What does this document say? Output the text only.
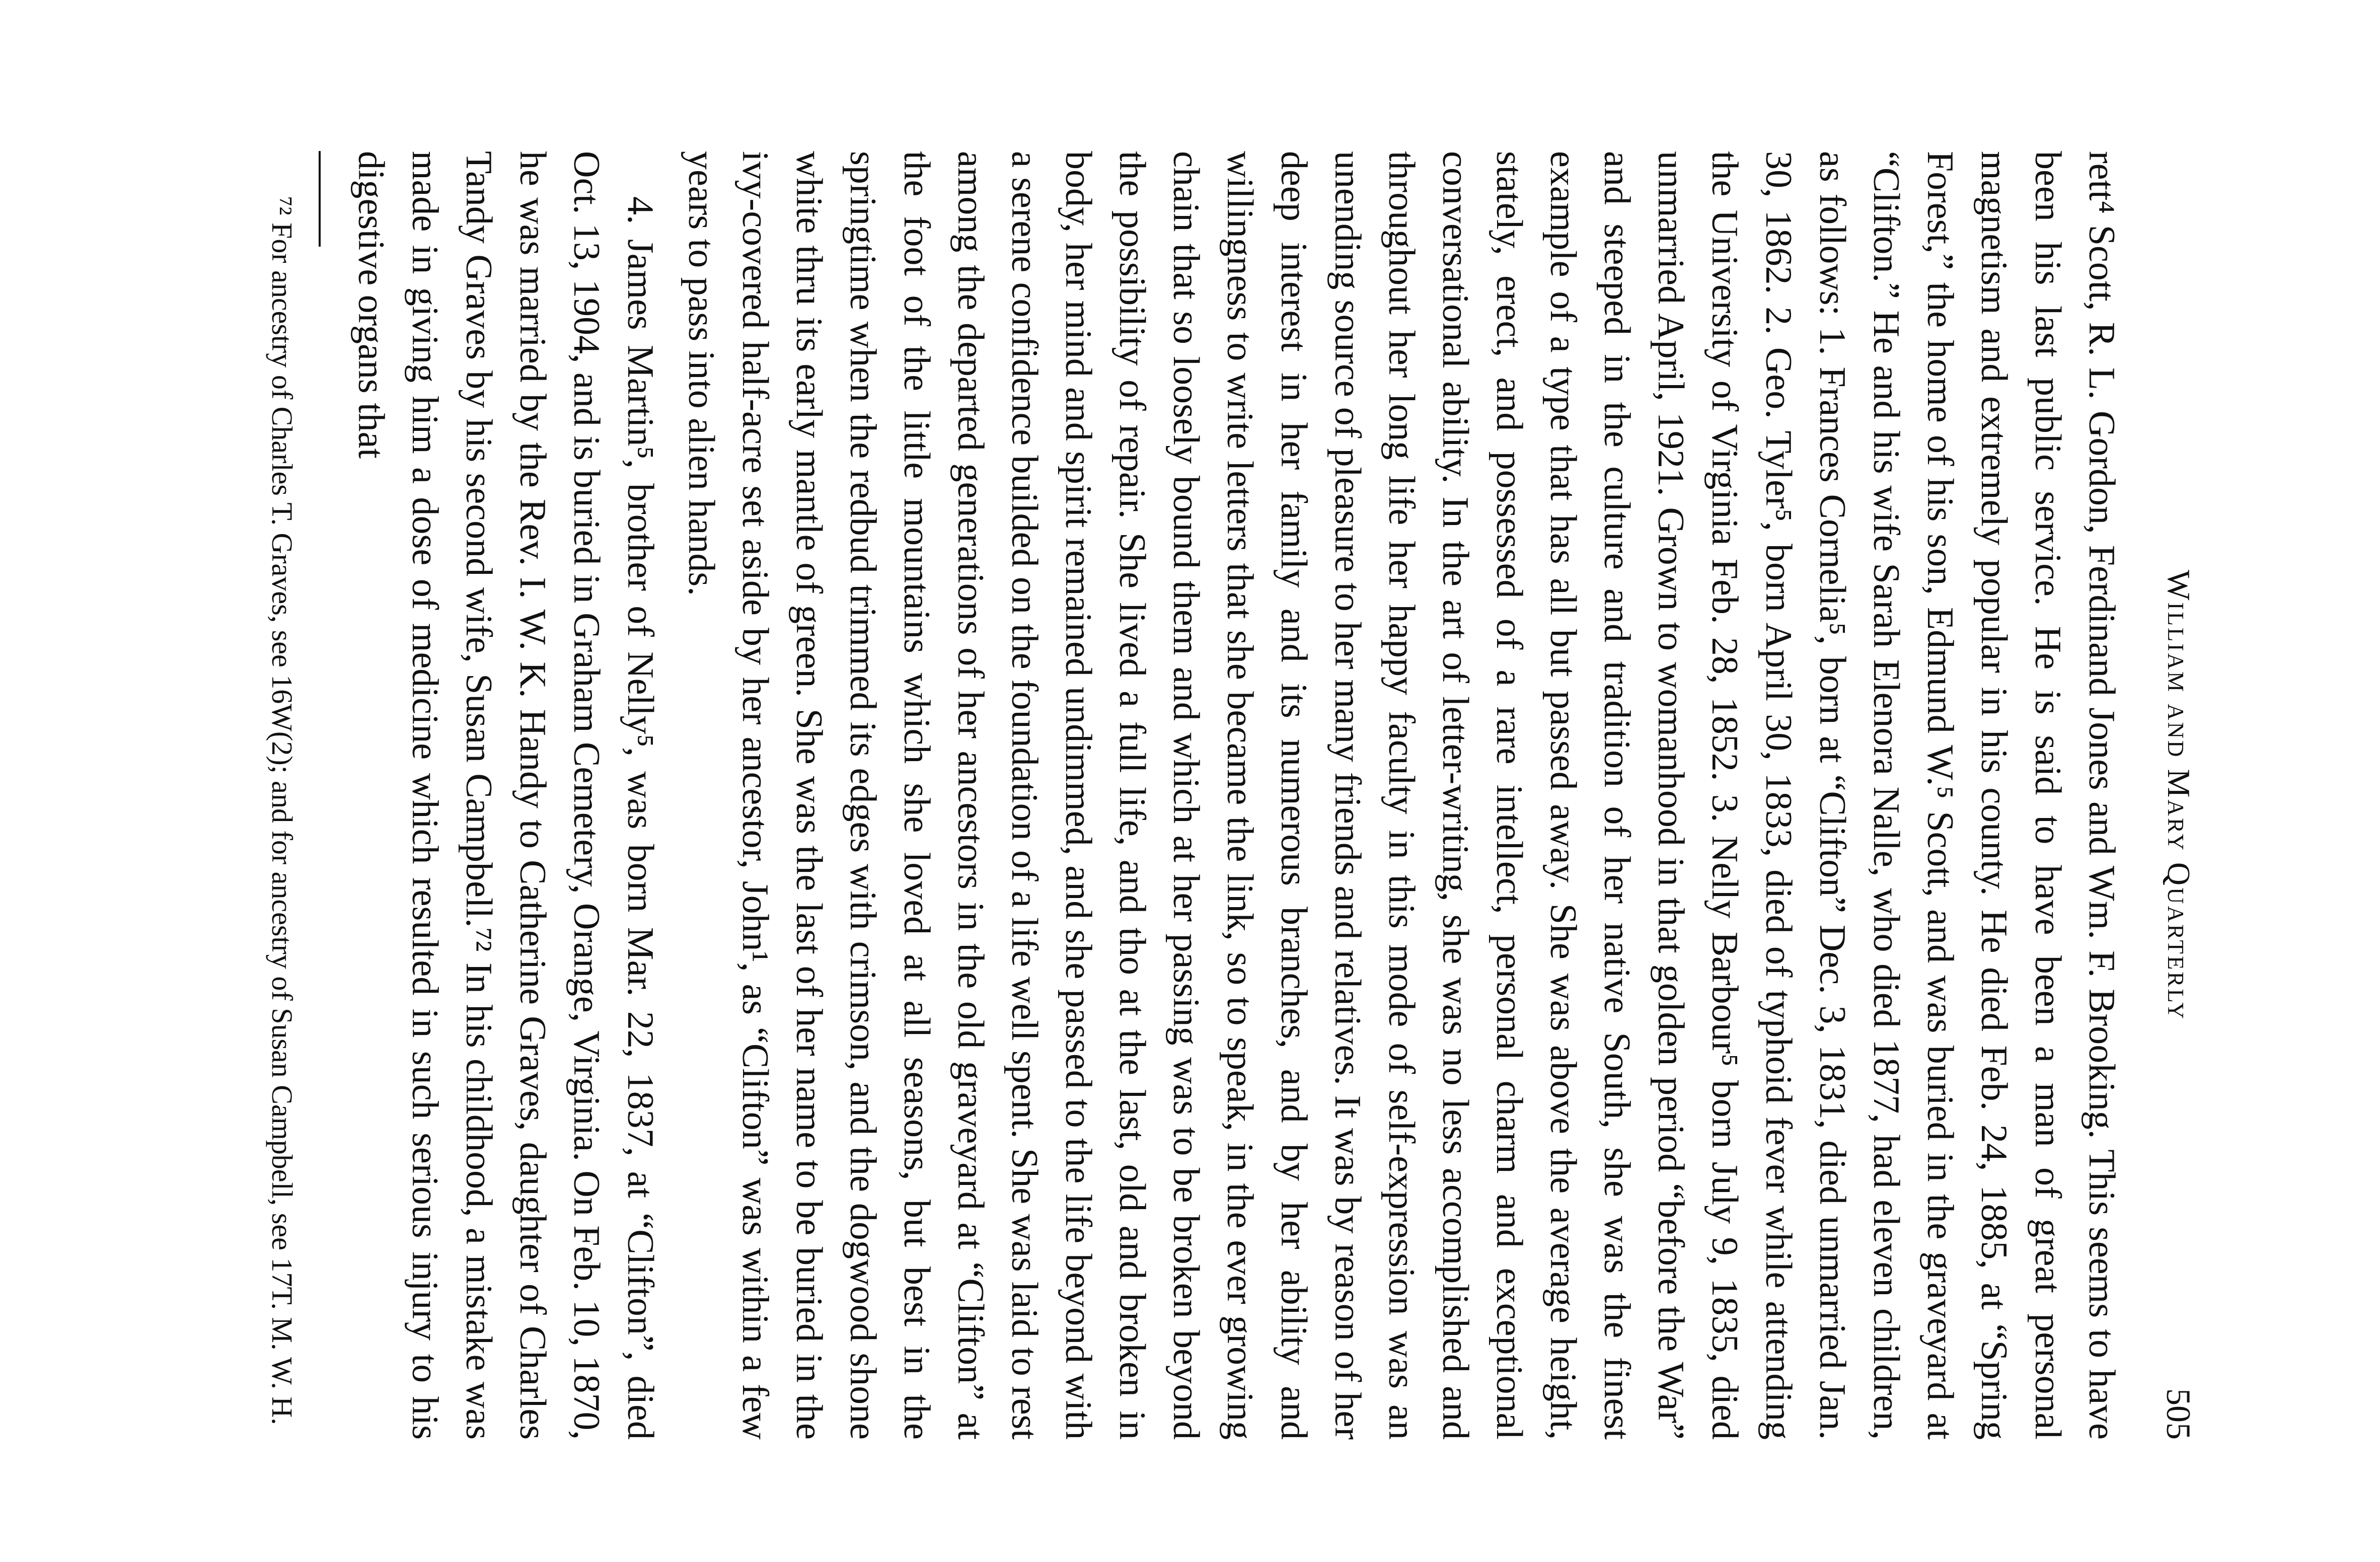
William and Mary Quarterly
505

rett⁴ Scott, R. L. Gordon, Ferdinand Jones and Wm. F. Brooking. This seems to have been his last public service. He is said to have been a man of great personal magnetism and extremely popular in his county. He died Feb. 24, 1885, at “Spring Forest,” the home of his son, Edmund W.⁵ Scott, and was buried in the graveyard at “Clifton.” He and his wife Sarah Elenora Nalle, who died 1877, had eleven children, as follows: 1. Frances Cornelia⁵, born at “Clifton” Dec. 3, 1831, died unmarried Jan. 30, 1862. 2. Geo. Tyler⁵, born April 30, 1833, died of typhoid fever while attending the University of Virginia Feb. 28, 1852. 3. Nelly Barbour⁵ born July 9, 1835, died unmarried April, 1921. Grown to womanhood in that golden period “before the War” and steeped in the culture and tradition of her native South, she was the finest example of a type that has all but passed away. She was above the average height, stately, erect, and possessed of a rare intellect, personal charm and exceptional conversational ability. In the art of letter-writing, she was no less accomplished and throughout her long life her happy faculty in this mode of self-expression was an unending source of pleasure to her many friends and relatives. It was by reason of her deep interest in her family and its numerous branches, and by her ability and willingness to write letters that she became the link, so to speak, in the ever growing chain that so loosely bound them and which at her passing was to be broken beyond the possibility of repair. She lived a full life, and tho at the last, old and broken in body, her mind and spirit remained undimmed, and she passed to the life beyond with a serene confidence builded on the foundation of a life well spent. She was laid to rest among the departed generations of her ancestors in the old graveyard at “Clifton” at the foot of the little mountains which she loved at all seasons, but best in the springtime when the redbud trimmed its edges with crimson, and the dogwood shone white thru its early mantle of green. She was the last of her name to be buried in the ivy-covered half-acre set aside by her ancestor, John¹, as “Clifton” was within a few years to pass into alien hands.

4. James Martin⁵, brother of Nelly⁵, was born Mar. 22, 1837, at “Clifton”, died Oct. 13, 1904, and is buried in Graham Cemetery, Orange, Virginia. On Feb. 10, 1870, he was married by the Rev. I. W. K. Handy to Catherine Graves, daughter of Charles Tandy Graves by his second wife, Susan Campbell.⁷² In his childhood, a mistake was made in giving him a dose of medicine which resulted in such serious injury to his digestive organs that

⁷² For ancestry of Charles T. Graves, see 16W(2); and for ancestry of Susan Campbell, see 17T. M. W. H.
